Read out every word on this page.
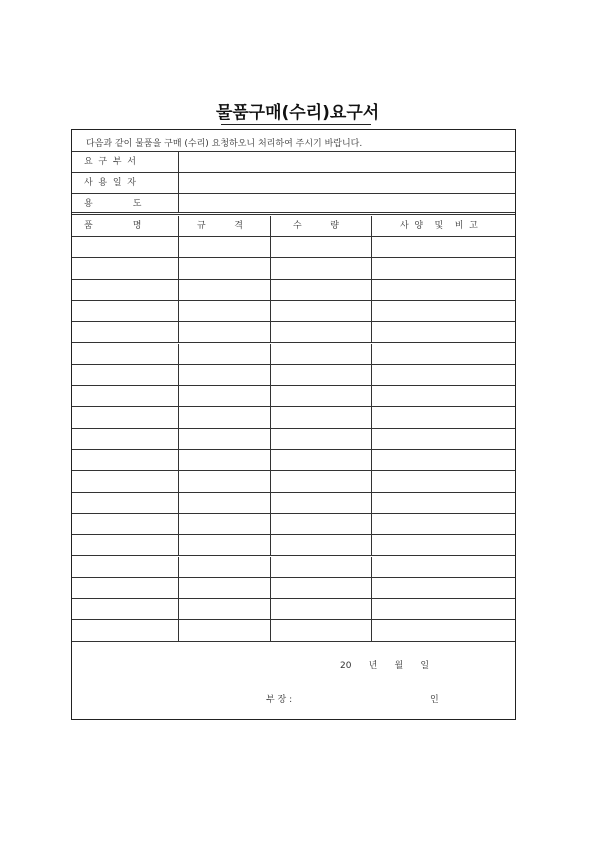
물품구매(수리)요구서
다음과 같이 물품을 구매 (수리) 요청하오니 처리하여 주시기 바랍니다.
요  구  부  서
사  용  일  자
용              도
품              명	규          격	수          량	사  양    및    비  고
20      년      월      일
부 장 :	인
